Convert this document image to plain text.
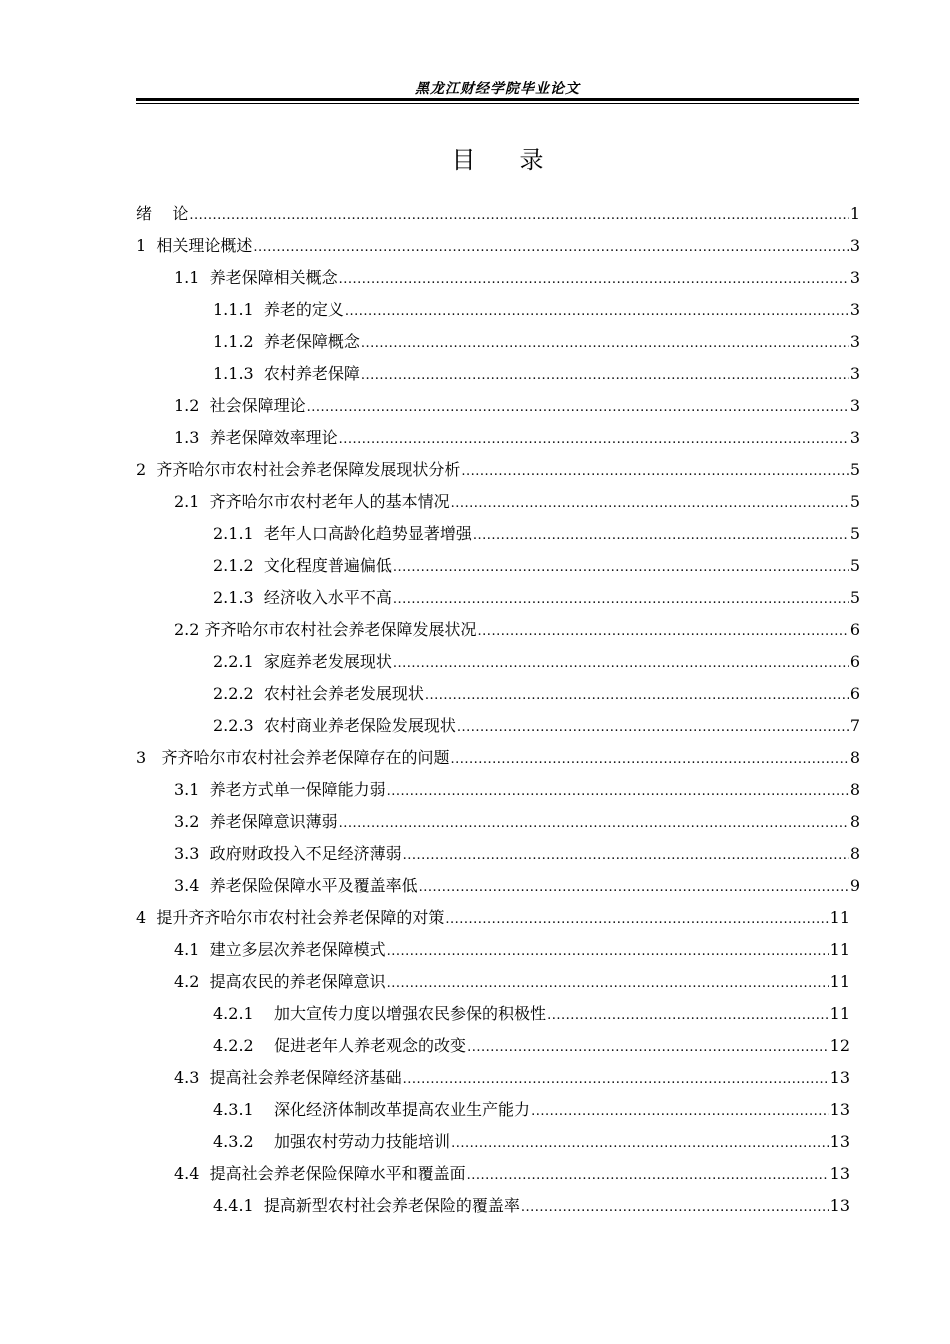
黑龙江财经学院毕业论文
目录
绪    论 .....	1
1  相关理论概述 .....	3
1.1  养老保障相关概念 .....	3
1.1.1  养老的定义 .....	3
1.1.2  养老保障概念 .....	3
1.1.3  农村养老保障 .....	3
1.2  社会保障理论 .....	3
1.3  养老保障效率理论 .....	3
2  齐齐哈尔市农村社会养老保障发展现状分析 .....	5
2.1  齐齐哈尔市农村老年人的基本情况 .....	5
2.1.1  老年人口高龄化趋势显著增强 .....	5
2.1.2  文化程度普遍偏低 .....	5
2.1.3  经济收入水平不高 .....	5
2.2 齐齐哈尔市农村社会养老保障发展状况 .....	6
2.2.1  家庭养老发展现状 .....	6
2.2.2  农村社会养老发展现状 .....	6
2.2.3  农村商业养老保险发展现状 .....	7
3   齐齐哈尔市农村社会养老保障存在的问题 .....	8
3.1  养老方式单一保障能力弱 .....	8
3.2  养老保障意识薄弱 .....	8
3.3  政府财政投入不足经济薄弱 .....	8
3.4  养老保险保障水平及覆盖率低 .....	9
4  提升齐齐哈尔市农村社会养老保障的对策 .....	11
4.1  建立多层次养老保障模式 .....	11
4.2  提高农民的养老保障意识 .....	11
4.2.1    加大宣传力度以增强农民参保的积极性 .....	11
4.2.2    促进老年人养老观念的改变 .....	12
4.3  提高社会养老保障经济基础 .....	13
4.3.1    深化经济体制改革提高农业生产能力 .....	13
4.3.2    加强农村劳动力技能培训 .....	13
4.4  提高社会养老保险保障水平和覆盖面 .....	13
4.4.1  提高新型农村社会养老保险的覆盖率 .....	13
